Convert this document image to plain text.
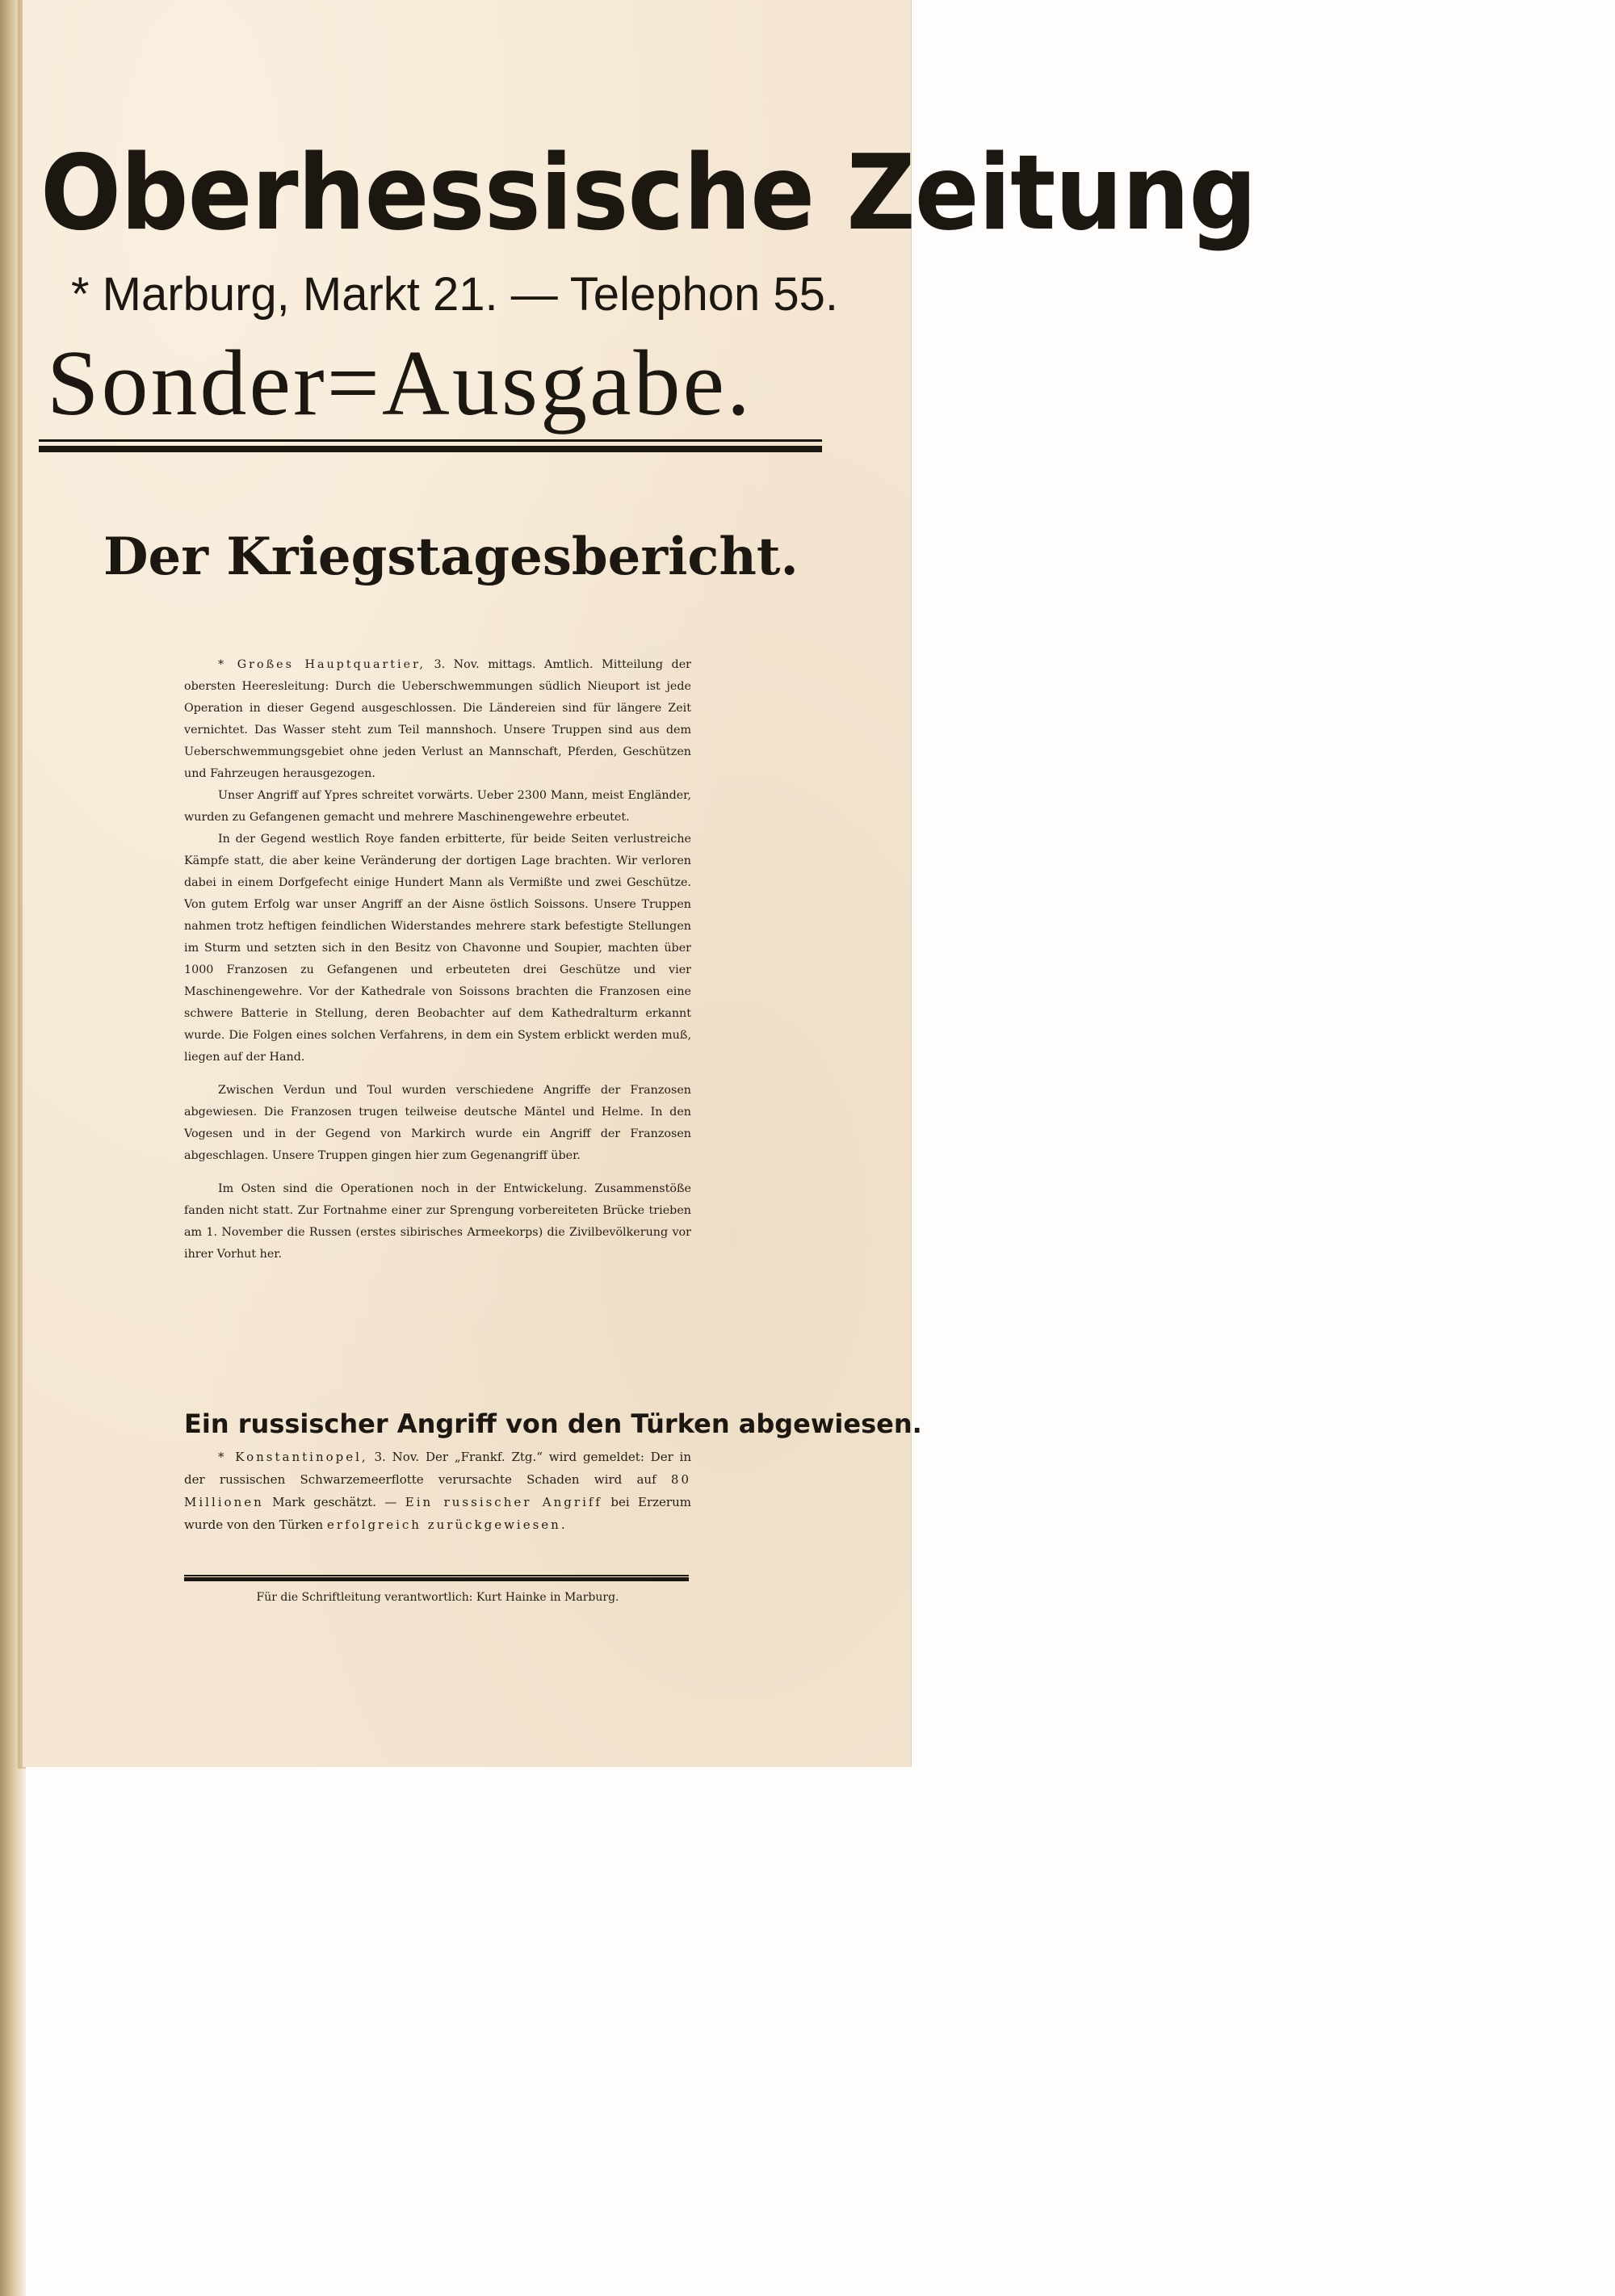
Oberhessische Zeitung
* Marburg, Markt 21. — Telephon 55.
Sonder=Ausgabe.
Der Kriegstagesbericht.

* Großes Hauptquartier, 3. Nov. mittags. Amtlich. Mitteilung der obersten Heeresleitung: Durch die Ueberschwemmungen südlich Nieuport ist jede Operation in dieser Gegend ausgeschlossen. Die Ländereien sind für längere Zeit vernichtet. Das Wasser steht zum Teil mannshoch. Unsere Truppen sind aus dem Ueberschwemmungsgebiet ohne jeden Verlust an Mannschaft, Pferden, Geschützen und Fahrzeugen herausgezogen.

Unser Angriff auf Ypres schreitet vorwärts. Ueber 2300 Mann, meist Engländer, wurden zu Gefangenen gemacht und mehrere Maschinengewehre erbeutet.

In der Gegend westlich Roye fanden erbitterte, für beide Seiten verlustreiche Kämpfe statt, die aber keine Veränderung der dortigen Lage brachten. Wir verloren dabei in einem Dorfgefecht einige Hundert Mann als Vermißte und zwei Geschütze. Von gutem Erfolg war unser Angriff an der Aisne östlich Soissons. Unsere Truppen nahmen trotz heftigen feindlichen Widerstandes mehrere stark befestigte Stellungen im Sturm und setzten sich in den Besitz von Chavonne und Soupier, machten über 1000 Franzosen zu Gefangenen und erbeuteten drei Geschütze und vier Maschinengewehre. Vor der Kathedrale von Soissons brachten die Franzosen eine schwere Batterie in Stellung, deren Beobachter auf dem Kathedralturm erkannt wurde. Die Folgen eines solchen Verfahrens, in dem ein System erblickt werden muß, liegen auf der Hand.

Zwischen Verdun und Toul wurden verschiedene Angriffe der Franzosen abgewiesen. Die Franzosen trugen teilweise deutsche Mäntel und Helme. In den Vogesen und in der Gegend von Markirch wurde ein Angriff der Franzosen abgeschlagen. Unsere Truppen gingen hier zum Gegenangriff über.

Im Osten sind die Operationen noch in der Entwickelung. Zusammenstöße fanden nicht statt. Zur Fortnahme einer zur Sprengung vorbereiteten Brücke trieben am 1. November die Russen (erstes sibirisches Armeekorps) die Zivilbevölkerung vor ihrer Vorhut her.

Ein russischer Angriff von den Türken abgewiesen.

* Konstantinopel, 3. Nov. Der „Frankf. Ztg.“ wird gemeldet: Der in der russischen Schwarzemeerflotte verursachte Schaden wird auf 80 Millionen Mark geschätzt. — Ein russischer Angriff bei Erzerum wurde von den Türken erfolgreich zurückgewiesen.

Für die Schriftleitung verantwortlich: Kurt Hainke in Marburg.
